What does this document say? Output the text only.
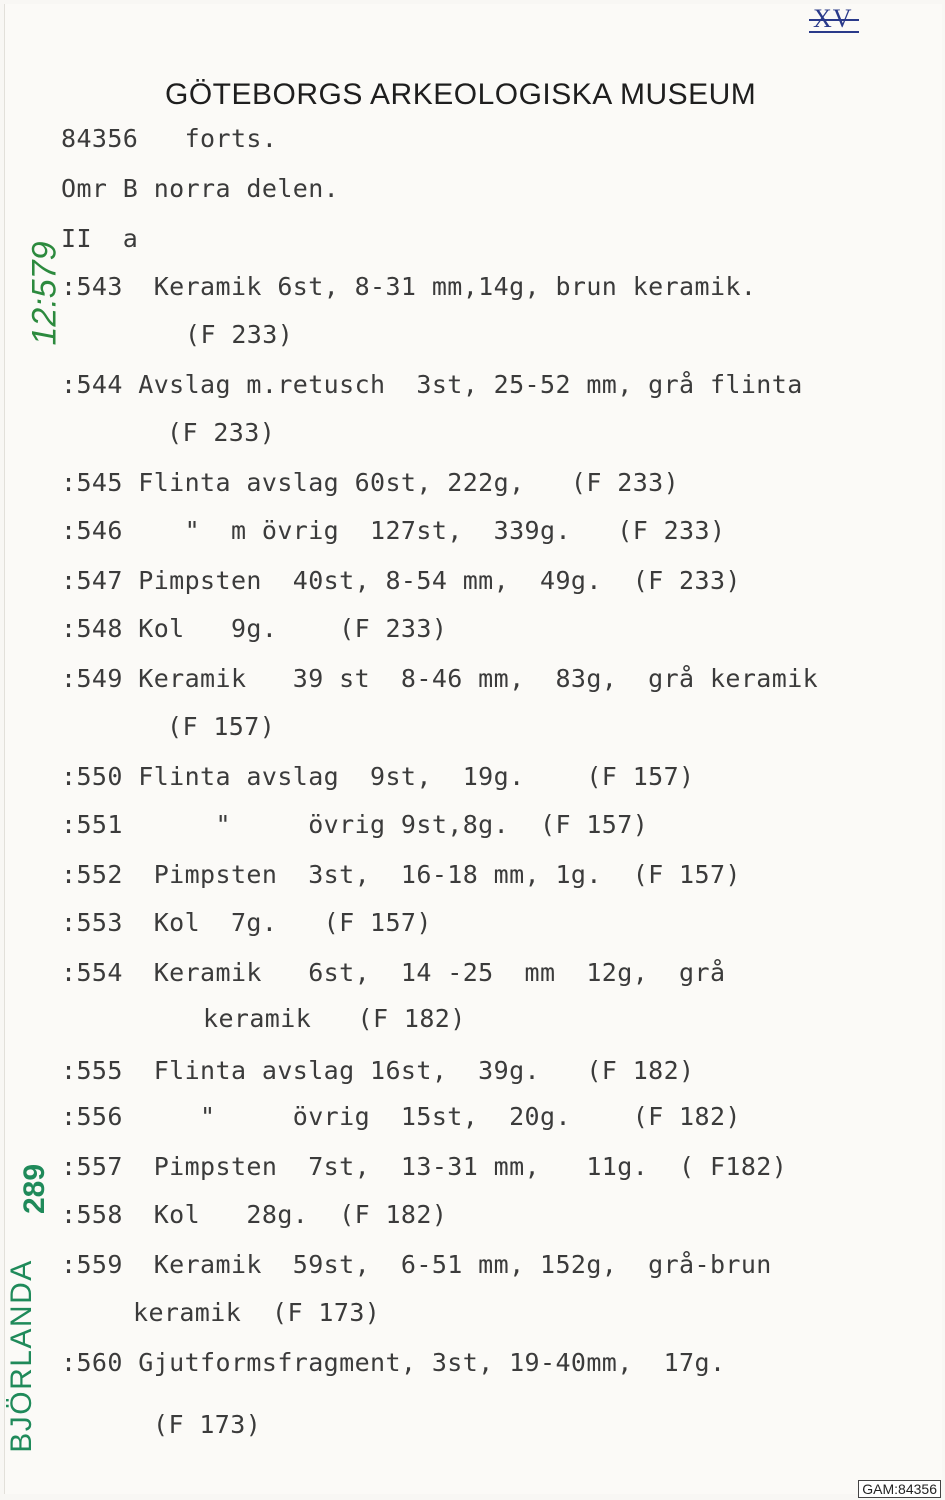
XV
GÖTEBORGS ARKEOLOGISKA MUSEUM
12:579
84356   forts.
Omr B norra delen.
II  a
:543  Keramik 6st, 8-31 mm,14g, brun keramik.
(F 233)
:544 Avslag m.retusch  3st, 25-52 mm, grå flinta
(F 233)
:545 Flinta avslag 60st, 222g,   (F 233)
:546    "  m övrig  127st,  339g.   (F 233)
:547 Pimpsten  40st, 8-54 mm,  49g.  (F 233)
:548 Kol   9g.    (F 233)
:549 Keramik   39 st  8-46 mm,  83g,  grå keramik
(F 157)
:550 Flinta avslag  9st,  19g.    (F 157)
:551      "     övrig 9st,8g.  (F 157)
:552  Pimpsten  3st,  16-18 mm, 1g.  (F 157)
:553  Kol  7g.   (F 157)
:554  Keramik   6st,  14 -25  mm  12g,  grå
keramik   (F 182)
:555  Flinta avslag 16st,  39g.   (F 182)
:556     "     övrig  15st,  20g.    (F 182)
:557  Pimpsten  7st,  13-31 mm,   11g.  ( F182)
:558  Kol   28g.  (F 182)
:559  Keramik  59st,  6-51 mm, 152g,  grå-brun
keramik  (F 173)
:560 Gjutformsfragment, 3st, 19-40mm,  17g.
(F 173)
289
BJÖRLANDA
GAM:84356
